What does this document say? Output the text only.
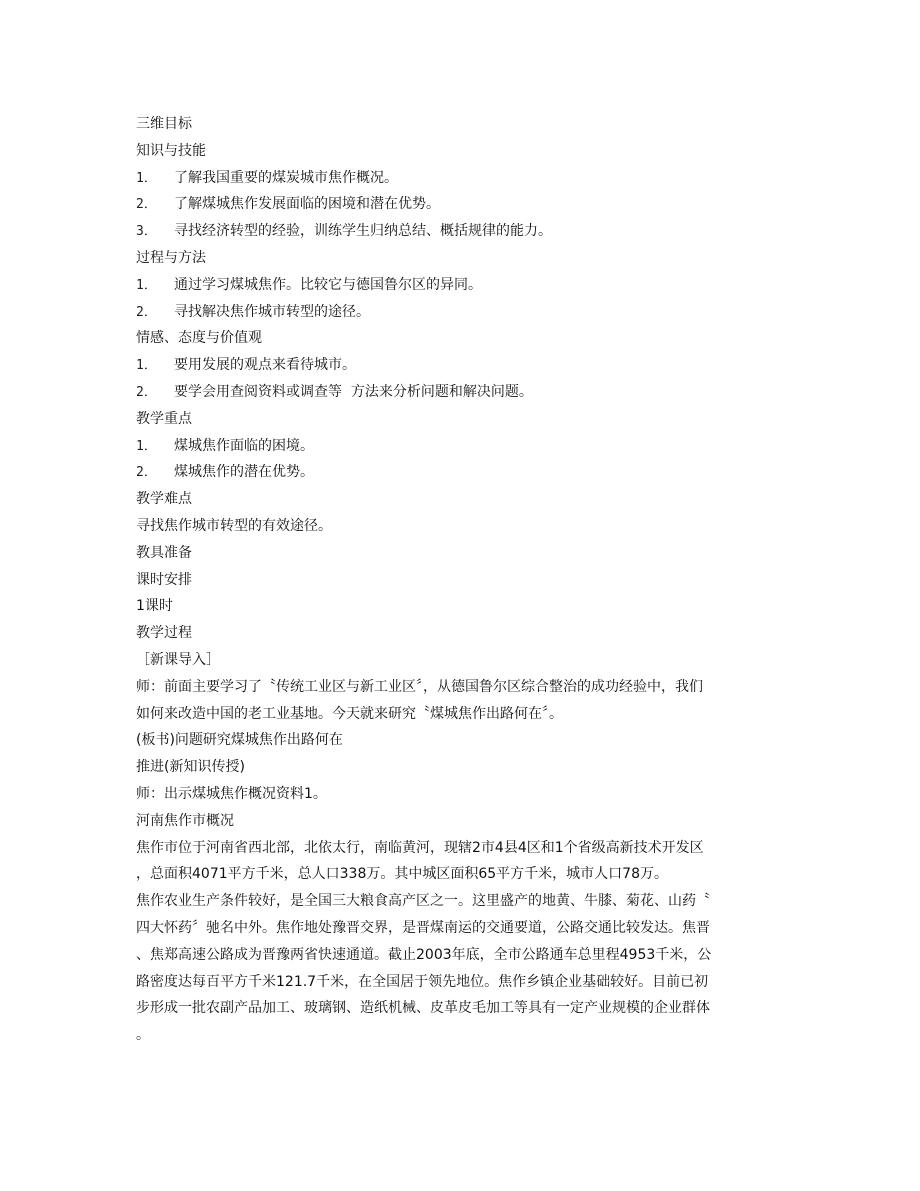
三维目标
知识与技能
1． 了解我国重要的煤炭城市焦作概况。
2． 了解煤城焦作发展面临的困境和潜在优势。
3． 寻找经济转型的经验，训练学生归纳总结、概括规律的能力。
过程与方法
1． 通过学习煤城焦作。比较它与德国鲁尔区的异同。
2． 寻找解决焦作城市转型的途径。
情感、态度与价值观
1． 要用发展的观点来看待城市。
2． 要学会用查阅资料或调查等  方法来分析问题和解决问题。
教学重点
1． 煤城焦作面临的困境。
2． 煤城焦作的潜在优势。
教学难点
寻找焦作城市转型的有效途径。
教具准备
课时安排
1课时
教学过程
［新课导入］
师：前面主要学习了〝传统工业区与新工业区〞，从德国鲁尔区综合整治的成功经验中，我们
如何来改造中国的老工业基地。今天就来研究〝煤城焦作出路何在〞。
(板书)问题研究煤城焦作出路何在
推进(新知识传授)
师：出示煤城焦作概况资料1。
河南焦作市概况
焦作市位于河南省西北部，北依太行，南临黄河，现辖2市4县4区和1个省级高新技术开发区
，总面积4071平方千米，总人口338万。其中城区面积65平方千米，城市人口78万。
焦作农业生产条件较好，是全国三大粮食高产区之一。这里盛产的地黄、牛膝、菊花、山药〝
四大怀药〞驰名中外。焦作地处豫晋交界，是晋煤南运的交通要道，公路交通比较发达。焦晋
、焦郑高速公路成为晋豫两省快速通道。截止2003年底，全市公路通车总里程4953千米，公
路密度达每百平方千米121.7千米，在全国居于领先地位。焦作乡镇企业基础较好。目前已初
步形成一批农副产品加工、玻璃钢、造纸机械、皮革皮毛加工等具有一定产业规模的企业群体
。
